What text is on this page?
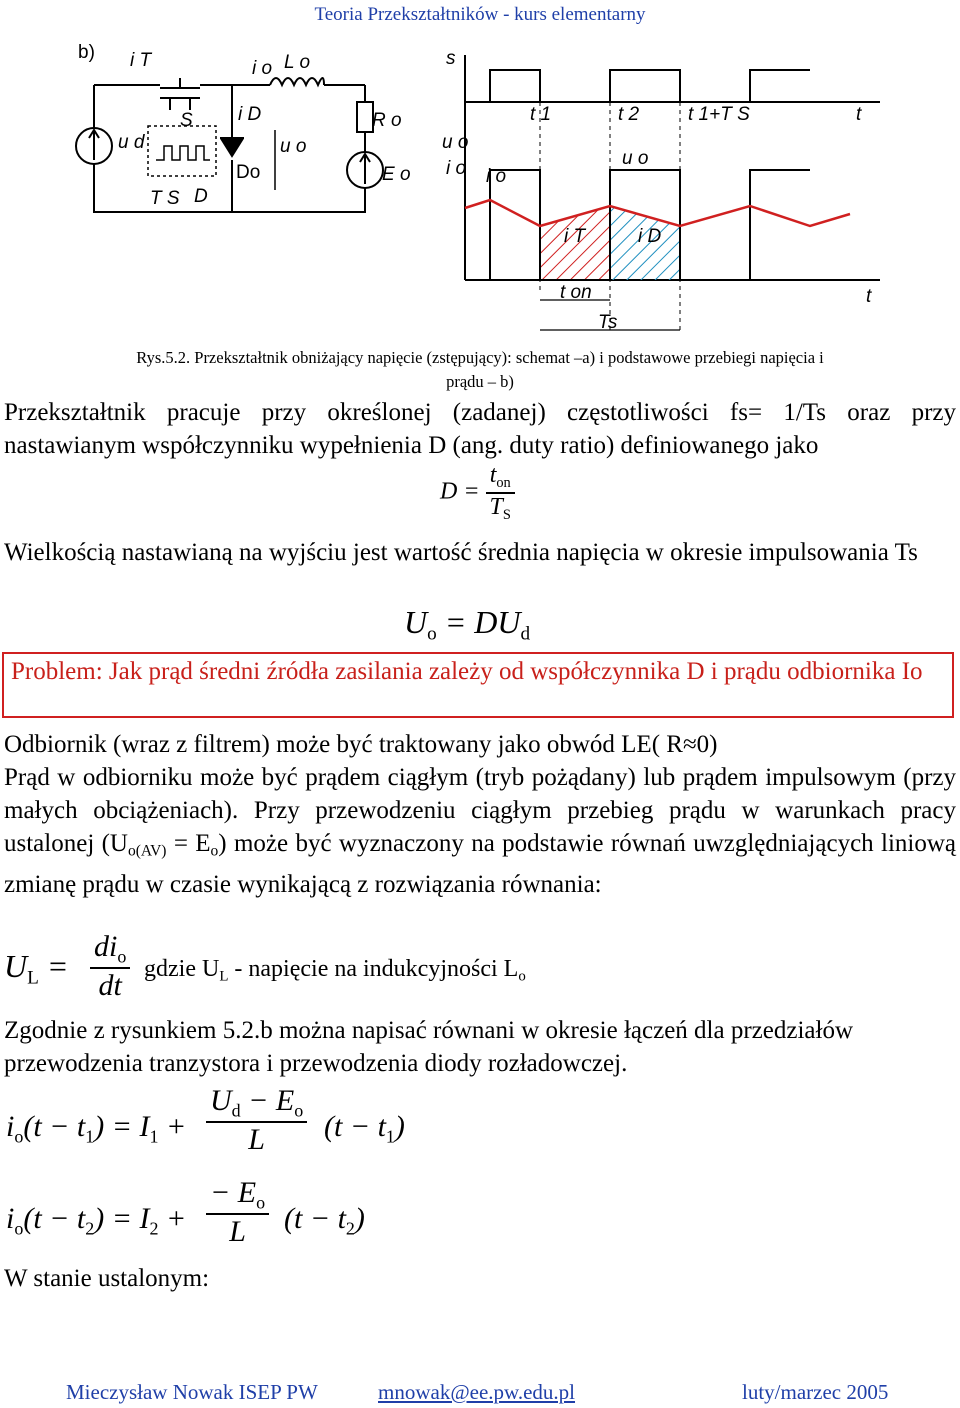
Teoria Przekształtników - kurs elementarny
b) i T
S
i o L o
i D
u o
R o
E o
u d
T S D
Do
s
t 1	t 2	t 1+T S	t
u o
i o i o
u o
i T	i D
t on
Ts
t
Rys.5.2. Przekształtnik obniżający napięcie (zstępujący): schemat –a) i podstawowe przebiegi napięcia i
prądu – b)
Przekształtnik pracuje przy określonej (zadanej) częstotliwości fs= 1/Ts oraz przy nastawianym współczynniku wypełnienia D (ang. duty ratio) definiowanego jako
$D = \frac{t_{on}}{T_S}$
Wielkością nastawianą na wyjściu jest wartość średnia napięcia w okresie impulsowania Ts
$U_o = DU_d$
Problem: Jak prąd średni źródła zasilania zależy od współczynnika D i prądu odbiornika Io
Odbiornik (wraz z filtrem) może być traktowany jako obwód LE( R≈0)
Prąd w odbiorniku może być prądem ciągłym (tryb pożądany) lub prądem impulsowym (przy małych obciążeniach). Przy przewodzeniu ciągłym przebieg prądu w warunkach pracy ustalonej (Uo(AV) = Eo) może być wyznaczony na podstawie równań uwzględniających liniową zmianę prądu w czasie wynikającą z rozwiązania równania:
$U_L$ =
$di_o$
dt
gdzie UL - napięcie na indukcyjności Lo
Zgodnie z rysunkiem 5.2.b można napisać równani w okresie łączeń dla przedziałów przewodzenia tranzystora i przewodzenia diody rozładowczej.
$i_o(t - t_1) = I_1 + \frac{U_d - E_o}{L} (t - t_1)$
$i_o(t - t_2) = I_2 + \frac{- E_o}{L} (t - t_2)$
W stanie ustalonym:
Mieczysław Nowak ISEP PW	mnowak@ee.pw.edu.pl	luty/marzec 2005
